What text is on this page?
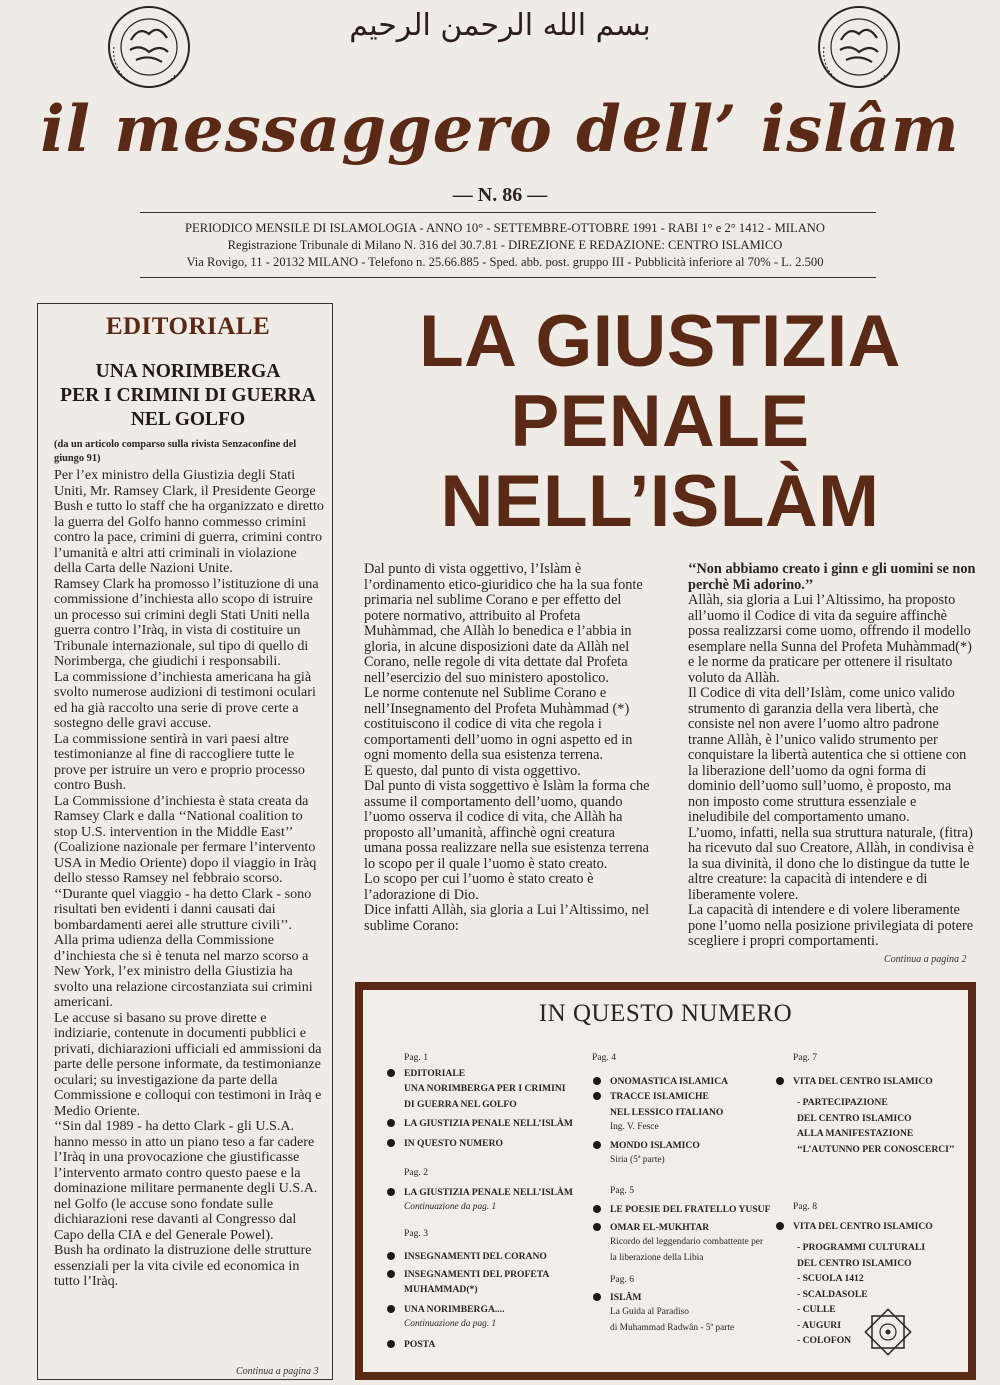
بسم الله الرحمن الرحيم
il messaggero dell’ islâm
— N. 86 —
PERIODICO MENSILE DI ISLAMOLOGIA - ANNO 10° - SETTEMBRE-OTTOBRE 1991 - RABI 1° e 2° 1412 - MILANO
Registrazione Tribunale di Milano N. 316 del 30.7.81 - DIREZIONE E REDAZIONE: CENTRO ISLAMICO
Via Rovigo, 11 - 20132 MILANO - Telefono n. 25.66.885 - Sped. abb. post. gruppo III - Pubblicità inferiore al 70% - L. 2.500
EDITORIALE
UNA NORIMBERGA
PER I CRIMINI DI GUERRA
NEL GOLFO
(da un articolo comparso sulla rivista Senzaconfine del giungo 91)

Per l’ex ministro della Giustizia degli Stati Uniti, Mr. Ramsey Clark, il Presidente George Bush e tutto lo staff che ha organizzato e diretto la guerra del Golfo hanno commesso crimini contro la pace, crimini di guerra, crimini contro l’umanità e altri atti criminali in violazione della Carta delle Nazioni Unite.

Ramsey Clark ha promosso l’istituzione di una commissione d’inchiesta allo scopo di istruire un processo sui crimini degli Stati Uniti nella guerra contro l’Iràq, in vista di costituire un Tribunale internazionale, sul tipo di quello di Norimberga, che giudichi i responsabili.

La commissione d’inchiesta americana ha già svolto numerose audizioni di testimoni oculari ed ha già raccolto una serie di prove certe a sostegno delle gravi accuse.

La commissione sentirà in vari paesi altre testimonianze al fine di raccogliere tutte le prove per istruire un vero e proprio processo contro Bush.

La Commissione d’inchiesta è stata creata da Ramsey Clark e dalla ‘‘National coalition to stop U.S. intervention in the Middle East’’ (Coalizione nazionale per fermare l’intervento USA in Medio Oriente) dopo il viaggio in Iràq dello stesso Ramsey nel febbraio scorso.

‘‘Durante quel viaggio - ha detto Clark - sono risultati ben evidenti i danni causati dai bombardamenti aerei alle strutture civili’’.

Alla prima udienza della Commissione d’inchiesta che si è tenuta nel marzo scorso a New York, l’ex ministro della Giustizia ha svolto una relazione circostanziata sui crimini americani.

Le accuse si basano su prove dirette e indiziarie, contenute in documenti pubblici e privati, dichiarazioni ufficiali ed ammissioni da parte delle persone informate, da testimonianze oculari; su investigazione da parte della Commissione e colloqui con testimoni in Iràq e Medio Oriente.

‘‘Sin dal 1989 - ha detto Clark - gli U.S.A. hanno messo in atto un piano teso a far cadere l’Iràq in una provocazione che giustificasse l’intervento armato contro questo paese e la dominazione militare permanente degli U.S.A. nel Golfo (le accuse sono fondate sulle dichiarazioni rese davanti al Congresso dal Capo della CIA e del Generale Powel).

Bush ha ordinato la distruzione delle strutture essenziali per la vita civile ed economica in tutto l’Iràq.

Continua a pagina 3
LA GIUSTIZIA
PENALE
NELL’ISLÀM

Dal punto di vista oggettivo, l’Islàm è l’ordinamento etico-giuridico che ha la sua fonte primaria nel sublime Corano e per effetto del potere normativo, attribuito al Profeta Muhàmmad, che Allàh lo benedica e l’abbia in gloria, in alcune disposizioni date da Allàh nel Corano, nelle regole di vita dettate dal Profeta nell’esercizio del suo ministero apostolico.

Le norme contenute nel Sublime Corano e nell’Insegnamento del Profeta Muhàmmad (*) costituiscono il codice di vita che regola i comportamenti dell’uomo in ogni aspetto ed in ogni momento della sua esistenza terrena.

E questo, dal punto di vista oggettivo.

Dal punto di vista soggettivo è Islàm la forma che assume il comportamento dell’uomo, quando l’uomo osserva il codice di vita, che Allàh ha proposto all’umanità, affinchè ogni creatura umana possa realizzare nella sue esistenza terrena lo scopo per il quale l’uomo è stato creato.

Lo scopo per cui l’uomo è stato creato è l’adorazione di Dio.

Dice infatti Allàh, sia gloria a Lui l’Altissimo, nel sublime Corano:

‘‘Non abbiamo creato i ginn e gli uomini se non perchè Mi adorino.’’

Allàh, sia gloria a Lui l’Altissimo, ha proposto all’uomo il Codice di vita da seguire affinchè possa realizzarsi come uomo, offrendo il modello esemplare nella Sunna del Profeta Muhàmmad(*) e le norme da praticare per ottenere il risultato voluto da Allàh.

Il Codice di vita dell’Islàm, come unico valido strumento di garanzia della vera libertà, che consiste nel non avere l’uomo altro padrone tranne Allàh, è l’unico valido strumento per conquistare la libertà autentica che si ottiene con la liberazione dell’uomo da ogni forma di dominio dell’uomo sull’uomo, è proposto, ma non imposto come struttura essenziale e ineludibile del comportamento umano.

L’uomo, infatti, nella sua struttura naturale, (fitra) ha ricevuto dal suo Creatore, Allàh, in condivisa è la sua divinità, il dono che lo distingue da tutte le altre creature: la capacità di intendere e di liberamente volere.

La capacità di intendere e di volere liberamente pone l’uomo nella posizione privilegiata di potere scegliere i propri comportamenti.

Continua a pagina 2
IN QUESTO NUMERO
Pag. 1
EDITORIALE
UNA NORIMBERGA PER I CRIMINI
DI GUERRA NEL GOLFO
LA GIUSTIZIA PENALE NELL’ISLÀM
IN QUESTO NUMERO
Pag. 2
LA GIUSTIZIA PENALE NELL’ISLÀM
Continuazione da pag. 1
Pag. 3
INSEGNAMENTI DEL CORANO
INSEGNAMENTI DEL PROFETA
MUHAMMAD(*)
UNA NORIMBERGA....
Continuazione da pag. 1
POSTA
Pag. 4
ONOMASTICA ISLAMICA
TRACCE ISLAMICHE
NEL LESSICO ITALIANO
Ing. V. Fesce
MONDO ISLAMICO
Siria (5ª parte)
Pag. 5
LE POESIE DEL FRATELLO YUSUF
OMAR EL-MUKHTAR
Ricordo del leggendario combattente per
la liberazione della Libia
Pag. 6
ISLÂM
La Guida al Paradiso
di Muhammad Radwân - 5ª parte
Pag. 7
VITA DEL CENTRO ISLAMICO
- PARTECIPAZIONE
DEL CENTRO ISLAMICO
ALLA MANIFESTAZIONE
‘‘L’AUTUNNO PER CONOSCERCI’’
Pag. 8
VITA DEL CENTRO ISLAMICO
- PROGRAMMI CULTURALI
DEL CENTRO ISLAMICO
- SCUOLA 1412
- SCALDASOLE
- CULLE
- AUGURI
- COLOFON
